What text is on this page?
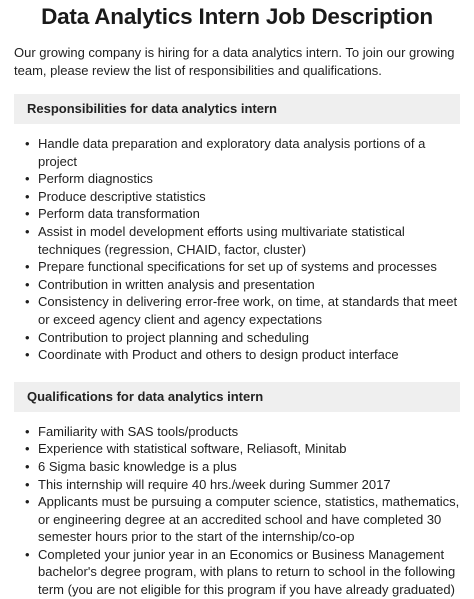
Data Analytics Intern Job Description

Our growing company is hiring for a data analytics intern. To join our growing team, please review the list of responsibilities and qualifications.

Responsibilities for data analytics intern
• Handle data preparation and exploratory data analysis portions of a project
• Perform diagnostics
• Produce descriptive statistics
• Perform data transformation
• Assist in model development efforts using multivariate statistical techniques (regression, CHAID, factor, cluster)
• Prepare functional specifications for set up of systems and processes
• Contribution in written analysis and presentation
• Consistency in delivering error-free work, on time, at standards that meet or exceed agency client and agency expectations
• Contribution to project planning and scheduling
• Coordinate with Product and others to design product interface
Qualifications for data analytics intern
• Familiarity with SAS tools/products
• Experience with statistical software, Reliasoft, Minitab
• 6 Sigma basic knowledge is a plus
• This internship will require 40 hrs./week during Summer 2017
• Applicants must be pursuing a computer science, statistics, mathematics, or engineering degree at an accredited school and have completed 30 semester hours prior to the start of the internship/co-op
• Completed your junior year in an Economics or Business Management bachelor's degree program, with plans to return to school in the following term (you are not eligible for this program if you have already graduated)
